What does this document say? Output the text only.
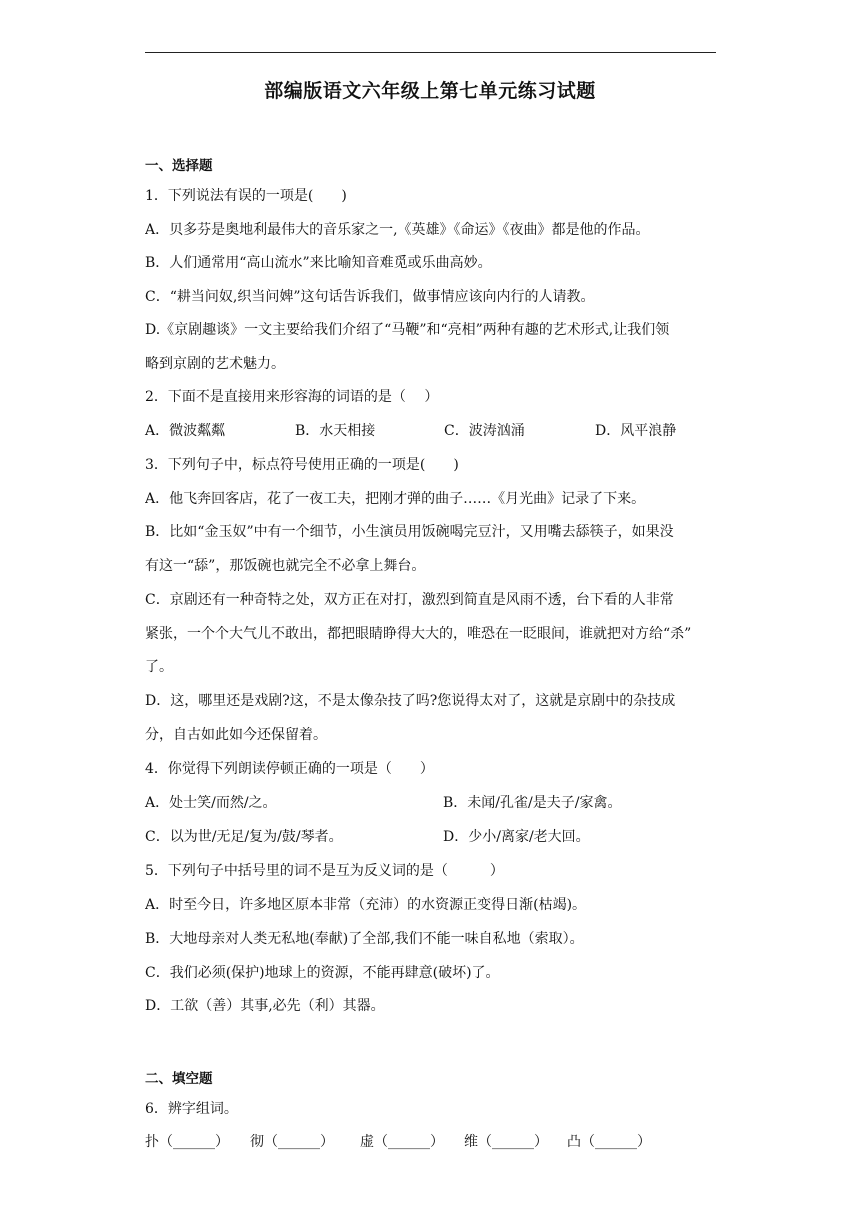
部编版语文六年级上第七单元练习试题
一、选择题
1．下列说法有误的一项是(　　)
A．贝多芬是奥地利最伟大的音乐家之一,《英雄》《命运》《夜曲》都是他的作品。
B．人们通常用“高山流水”来比喻知音难觅或乐曲高妙。
C．“耕当问奴,织当问婢”这句话告诉我们，做事情应该向内行的人请教。
D.《京剧趣谈》一文主要给我们介绍了“马鞭”和“亮相”两种有趣的艺术形式,让我们领
略到京剧的艺术魅力。
2．下面不是直接用来形容海的词语的是（　 ）
A．微波粼粼	B．水天相接	C．波涛汹涌	D．风平浪静
3．下列句子中，标点符号使用正确的一项是(　　)
A．他飞奔回客店，花了一夜工夫，把刚才弹的曲子……《月光曲》记录了下来。
B．比如“金玉奴”中有一个细节，小生演员用饭碗喝完豆汁，又用嘴去舔筷子，如果没
有这一“舔”，那饭碗也就完全不必拿上舞台。
C．京剧还有一种奇特之处，双方正在对打，激烈到简直是风雨不透，台下看的人非常
紧张，一个个大气儿不敢出，都把眼睛睁得大大的，唯恐在一眨眼间，谁就把对方给“杀”
了。
D．这，哪里还是戏剧?这，不是太像杂技了吗?您说得太对了，这就是京剧中的杂技成
分，自古如此如今还保留着。
4．你觉得下列朗读停顿正确的一项是（　　）
A．处士笑/而然/之。	B．未闻/孔雀/是夫子/家禽。
C．以为世/无足/复为/鼓/琴者。	D．少小/离家/老大回。
5．下列句子中括号里的词不是互为反义词的是（　　　）
A．时至今日，许多地区原本非常（充沛）的水资源正变得日渐(枯竭)。
B．大地母亲对人类无私地(奉献)了全部,我们不能一味自私地（索取）。
C．我们必须(保护)地球上的资源，不能再肆意(破坏)了。
D．工欲（善）其事,必先（利）其器。
二、填空题
6．辨字组词。
扑（______） 彻（______） 虚（______） 维（______） 凸（______）
